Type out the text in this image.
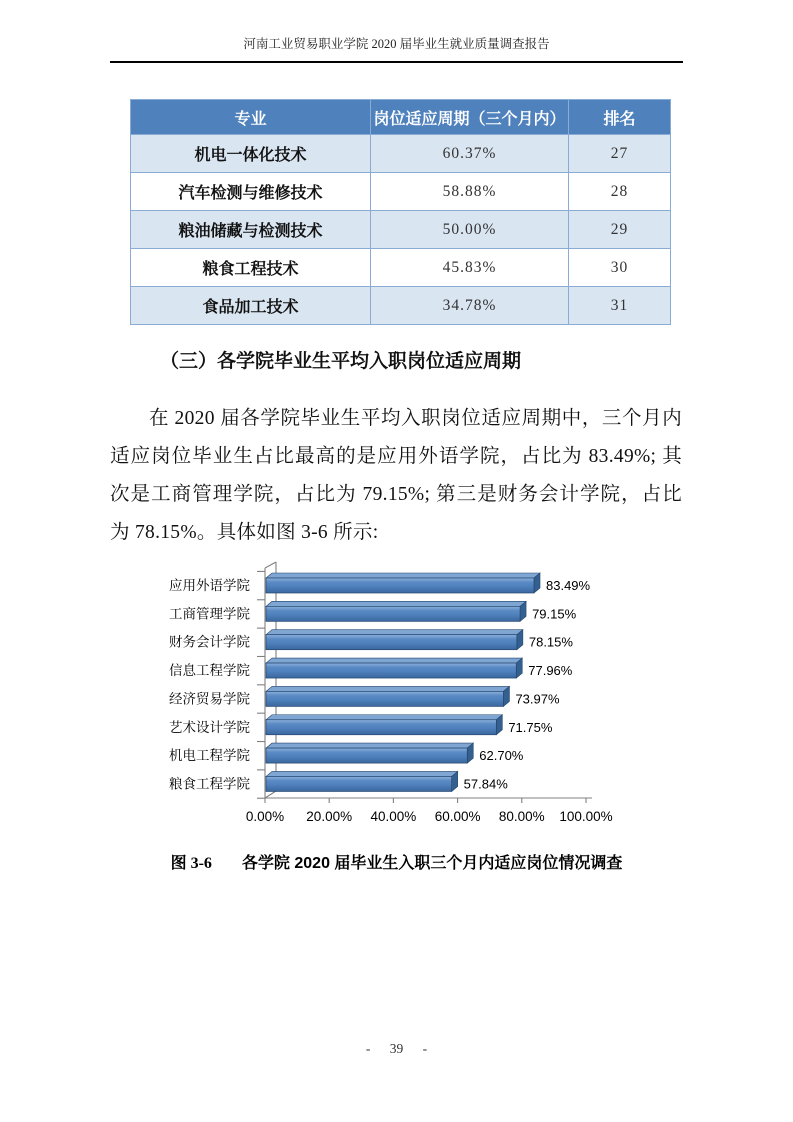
河南工业贸易职业学院 2020 届毕业生就业质量调查报告
专业	岗位适应周期（三个月内）	排名
机电一体化技术	60.37%	27
汽车检测与维修技术	58.88%	28
粮油储藏与检测技术	50.00%	29
粮食工程技术	45.83%	30
食品加工技术	34.78%	31
（三）各学院毕业生平均入职岗位适应周期
在 2020 届各学院毕业生平均入职岗位适应周期中，三个月内适应岗位毕业生占比最高的是应用外语学院，占比为 83.49%; 其次是工商管理学院，占比为 79.15%; 第三是财务会计学院，占比为 78.15%。具体如图 3-6 所示:
0.00% 20.00% 40.00% 60.00% 80.00% 100.00%
83.49%
应用外语学院
79.15%
工商管理学院
78.15%
财务会计学院
77.96%
信息工程学院
73.97%
经济贸易学院
71.75%
艺术设计学院
62.70%
机电工程学院
57.84%
粮食工程学院
图 3-6 各学院 2020 届毕业生入职三个月内适应岗位情况调查
- 39 -
